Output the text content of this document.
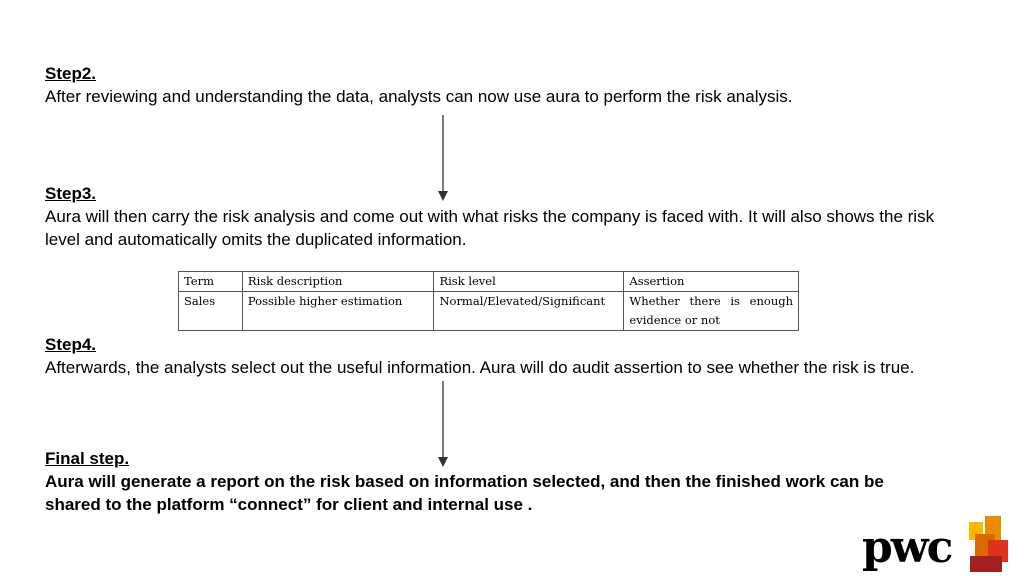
Step2.
After reviewing and understanding the data, analysts can now use aura to perform the risk analysis.
Step3.
Aura will then carry the risk analysis and come out with what risks the company is faced with. It will also shows the risk level and automatically omits the duplicated information.
Term	Risk description	Risk level	Assertion
Sales	Possible higher estimation	Normal/Elevated/Significant	Whether there is enough evidence or not
Step4.
Afterwards, the analysts select out the useful information. Aura will do audit assertion to see whether the risk is true.
Final step.
Aura will generate a report on the risk based on information selected, and then the finished work can be shared to the platform “connect” for client and internal use .
pwc
